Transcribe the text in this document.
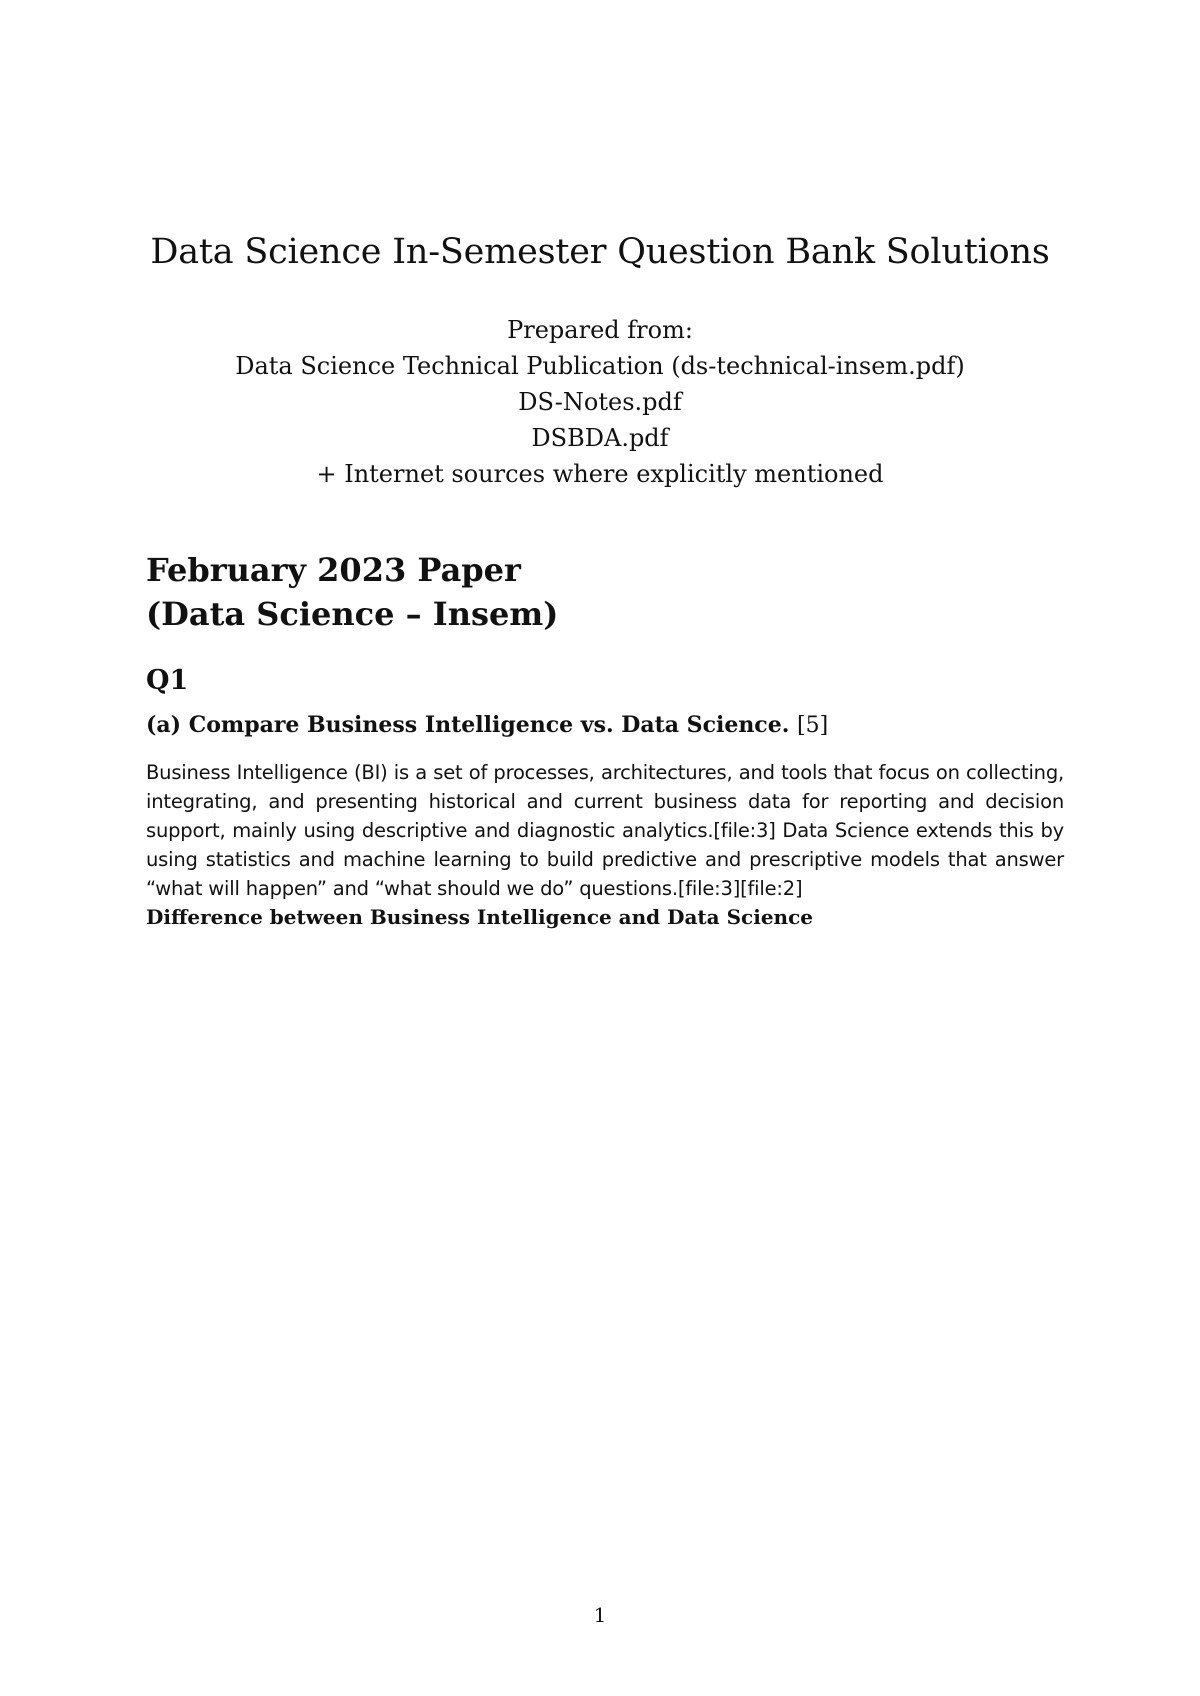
Data Science In-Semester Question Bank Solutions
Prepared from:
Data Science Technical Publication (ds-technical-insem.pdf)
DS-Notes.pdf
DSBDA.pdf
+ Internet sources where explicitly mentioned
February 2023 Paper
(Data Science – Insem)
Q1
(a) Compare Business Intelligence vs. Data Science. [5]

Business Intelligence (BI) is a set of processes, architectures, and tools that focus on collecting, integrating, and presenting historical and current business data for reporting and decision support, mainly using descriptive and diagnostic analytics.[file:3] Data Science extends this by using statistics and machine learning to build predictive and prescriptive models that answer “what will happen” and “what should we do” questions.[file:3][file:2]
Difference between Business Intelligence and Data Science

1
